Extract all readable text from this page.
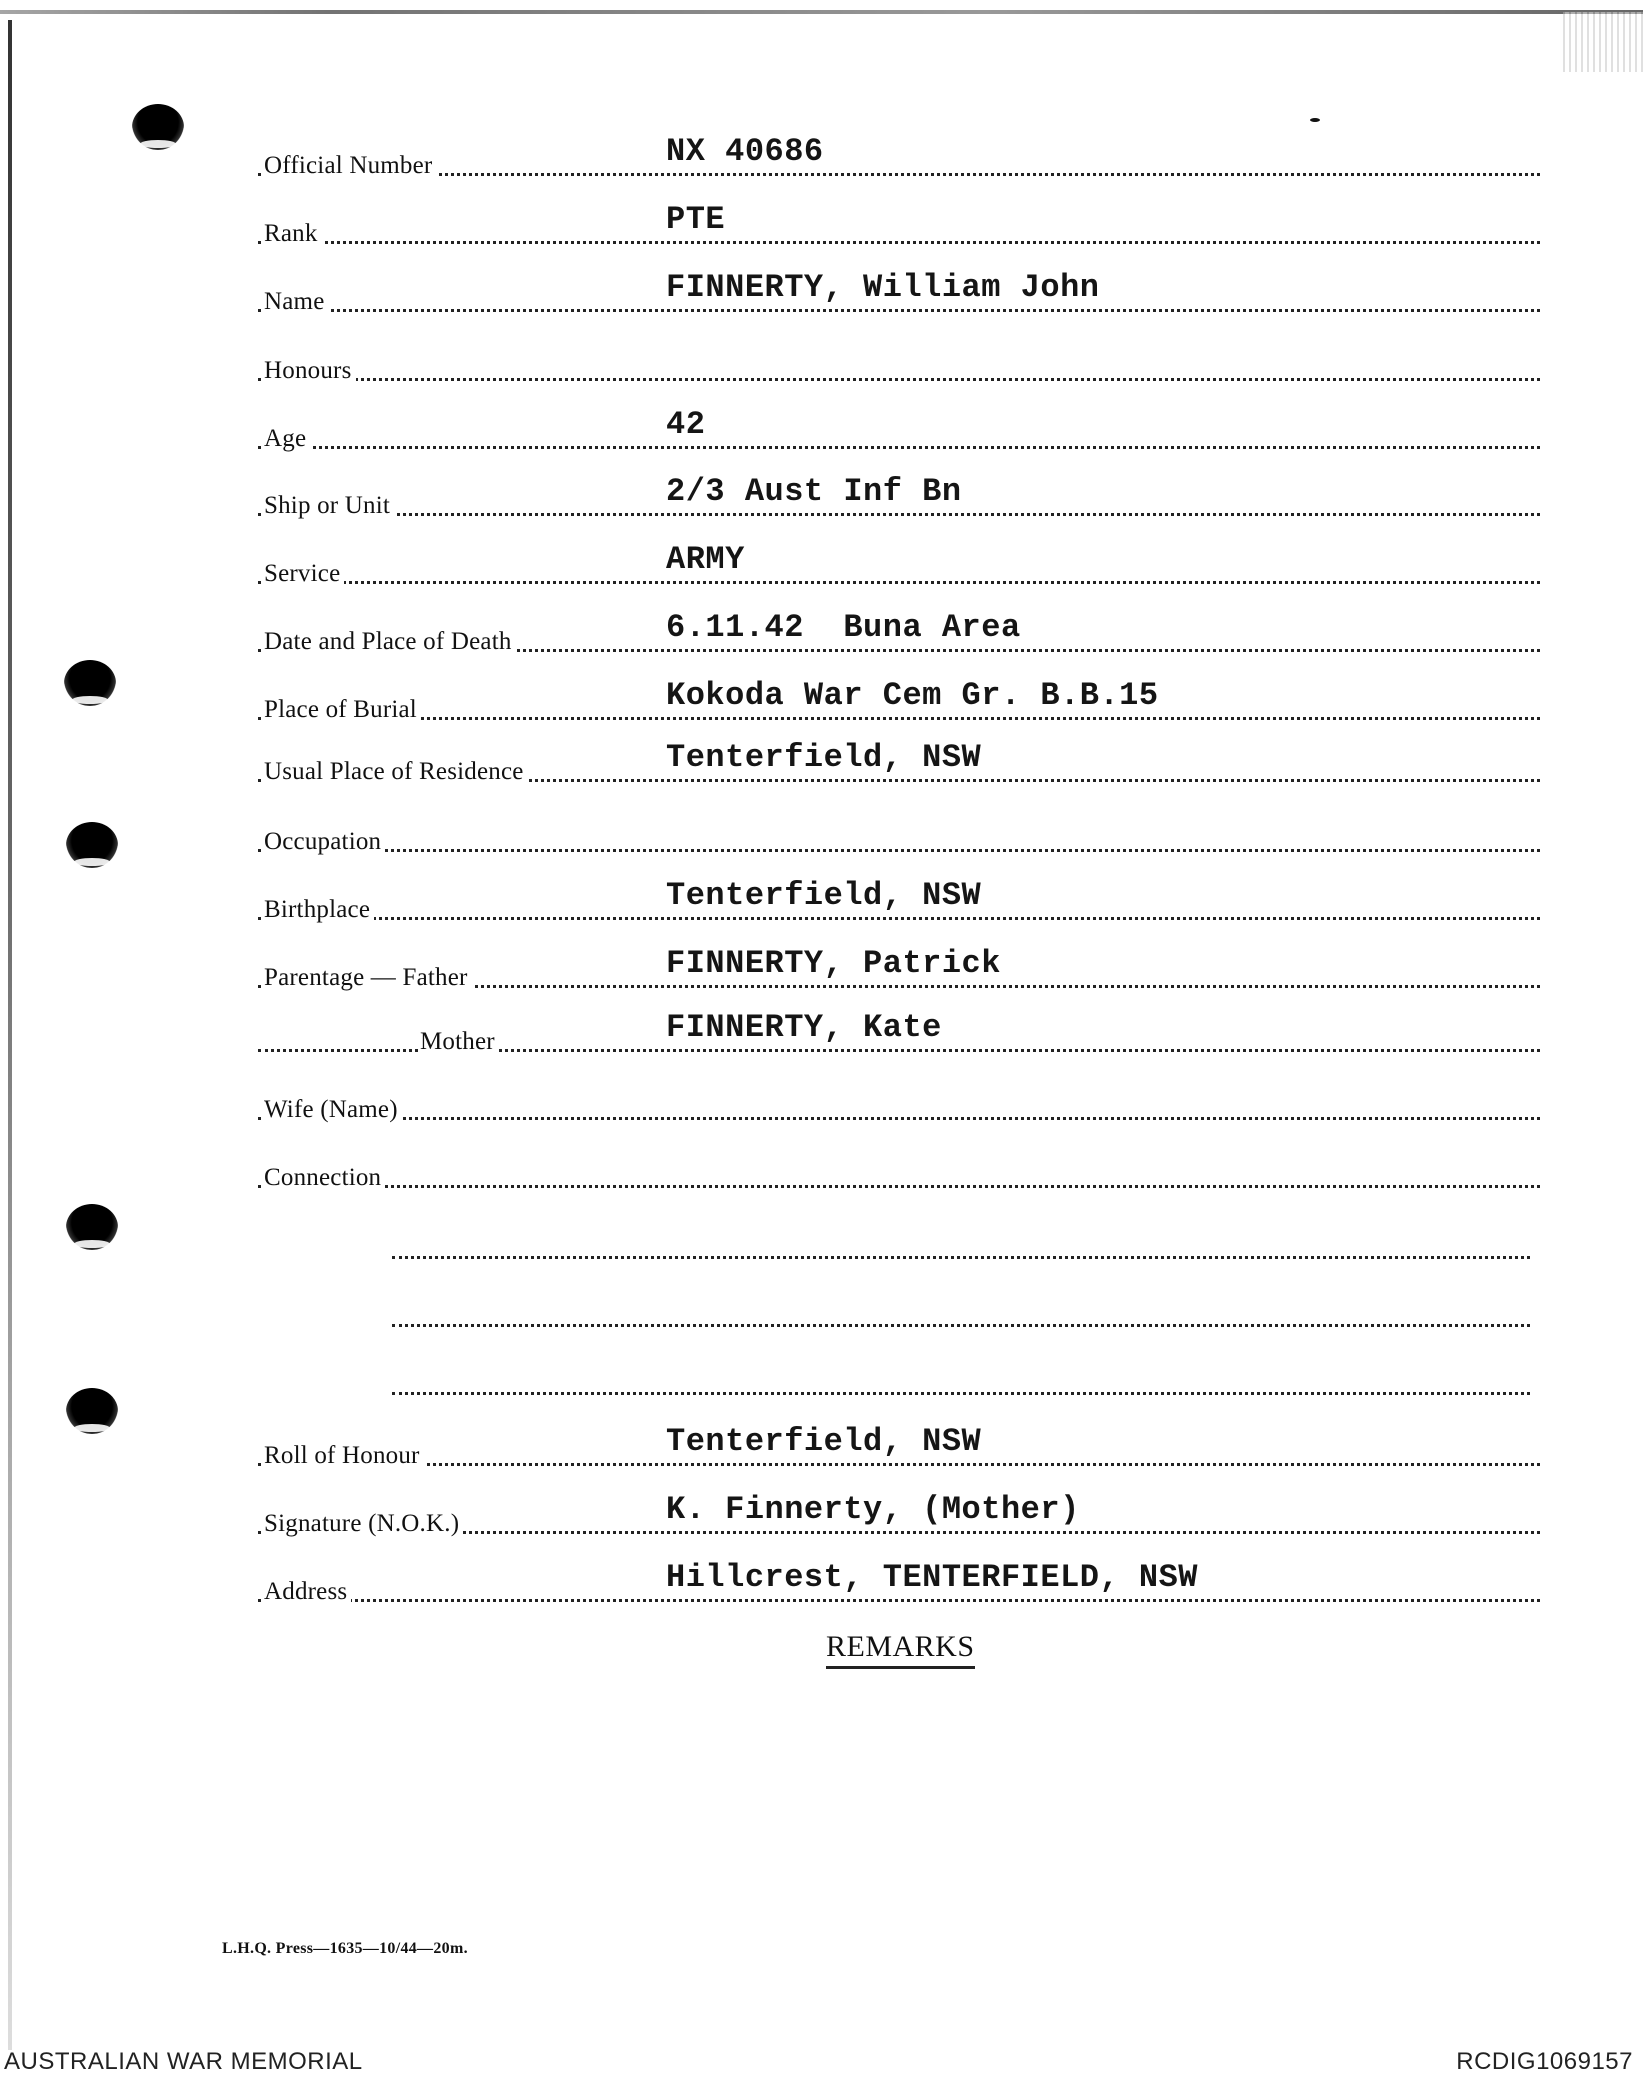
Official Number	NX 40686
Rank	PTE
Name	FINNERTY, William John
Honours
Age	42
Ship or Unit	2/3 Aust Inf Bn
Service	ARMY
Date and Place of Death	6.11.42  Buna Area
Place of Burial	Kokoda War Cem Gr. B.B.15
Usual Place of Residence	Tenterfield, NSW
Occupation
Birthplace	Tenterfield, NSW
Parentage — Father	FINNERTY, Patrick
Mother	FINNERTY, Kate
Wife (Name)
Connection
Roll of Honour	Tenterfield, NSW
Signature (N.O.K.)	K. Finnerty, (Mother)
Address	Hillcrest, TENTERFIELD, NSW
REMARKS
L.H.Q. Press—1635—10/44—20m.
AUSTRALIAN WAR MEMORIAL	RCDIG1069157
